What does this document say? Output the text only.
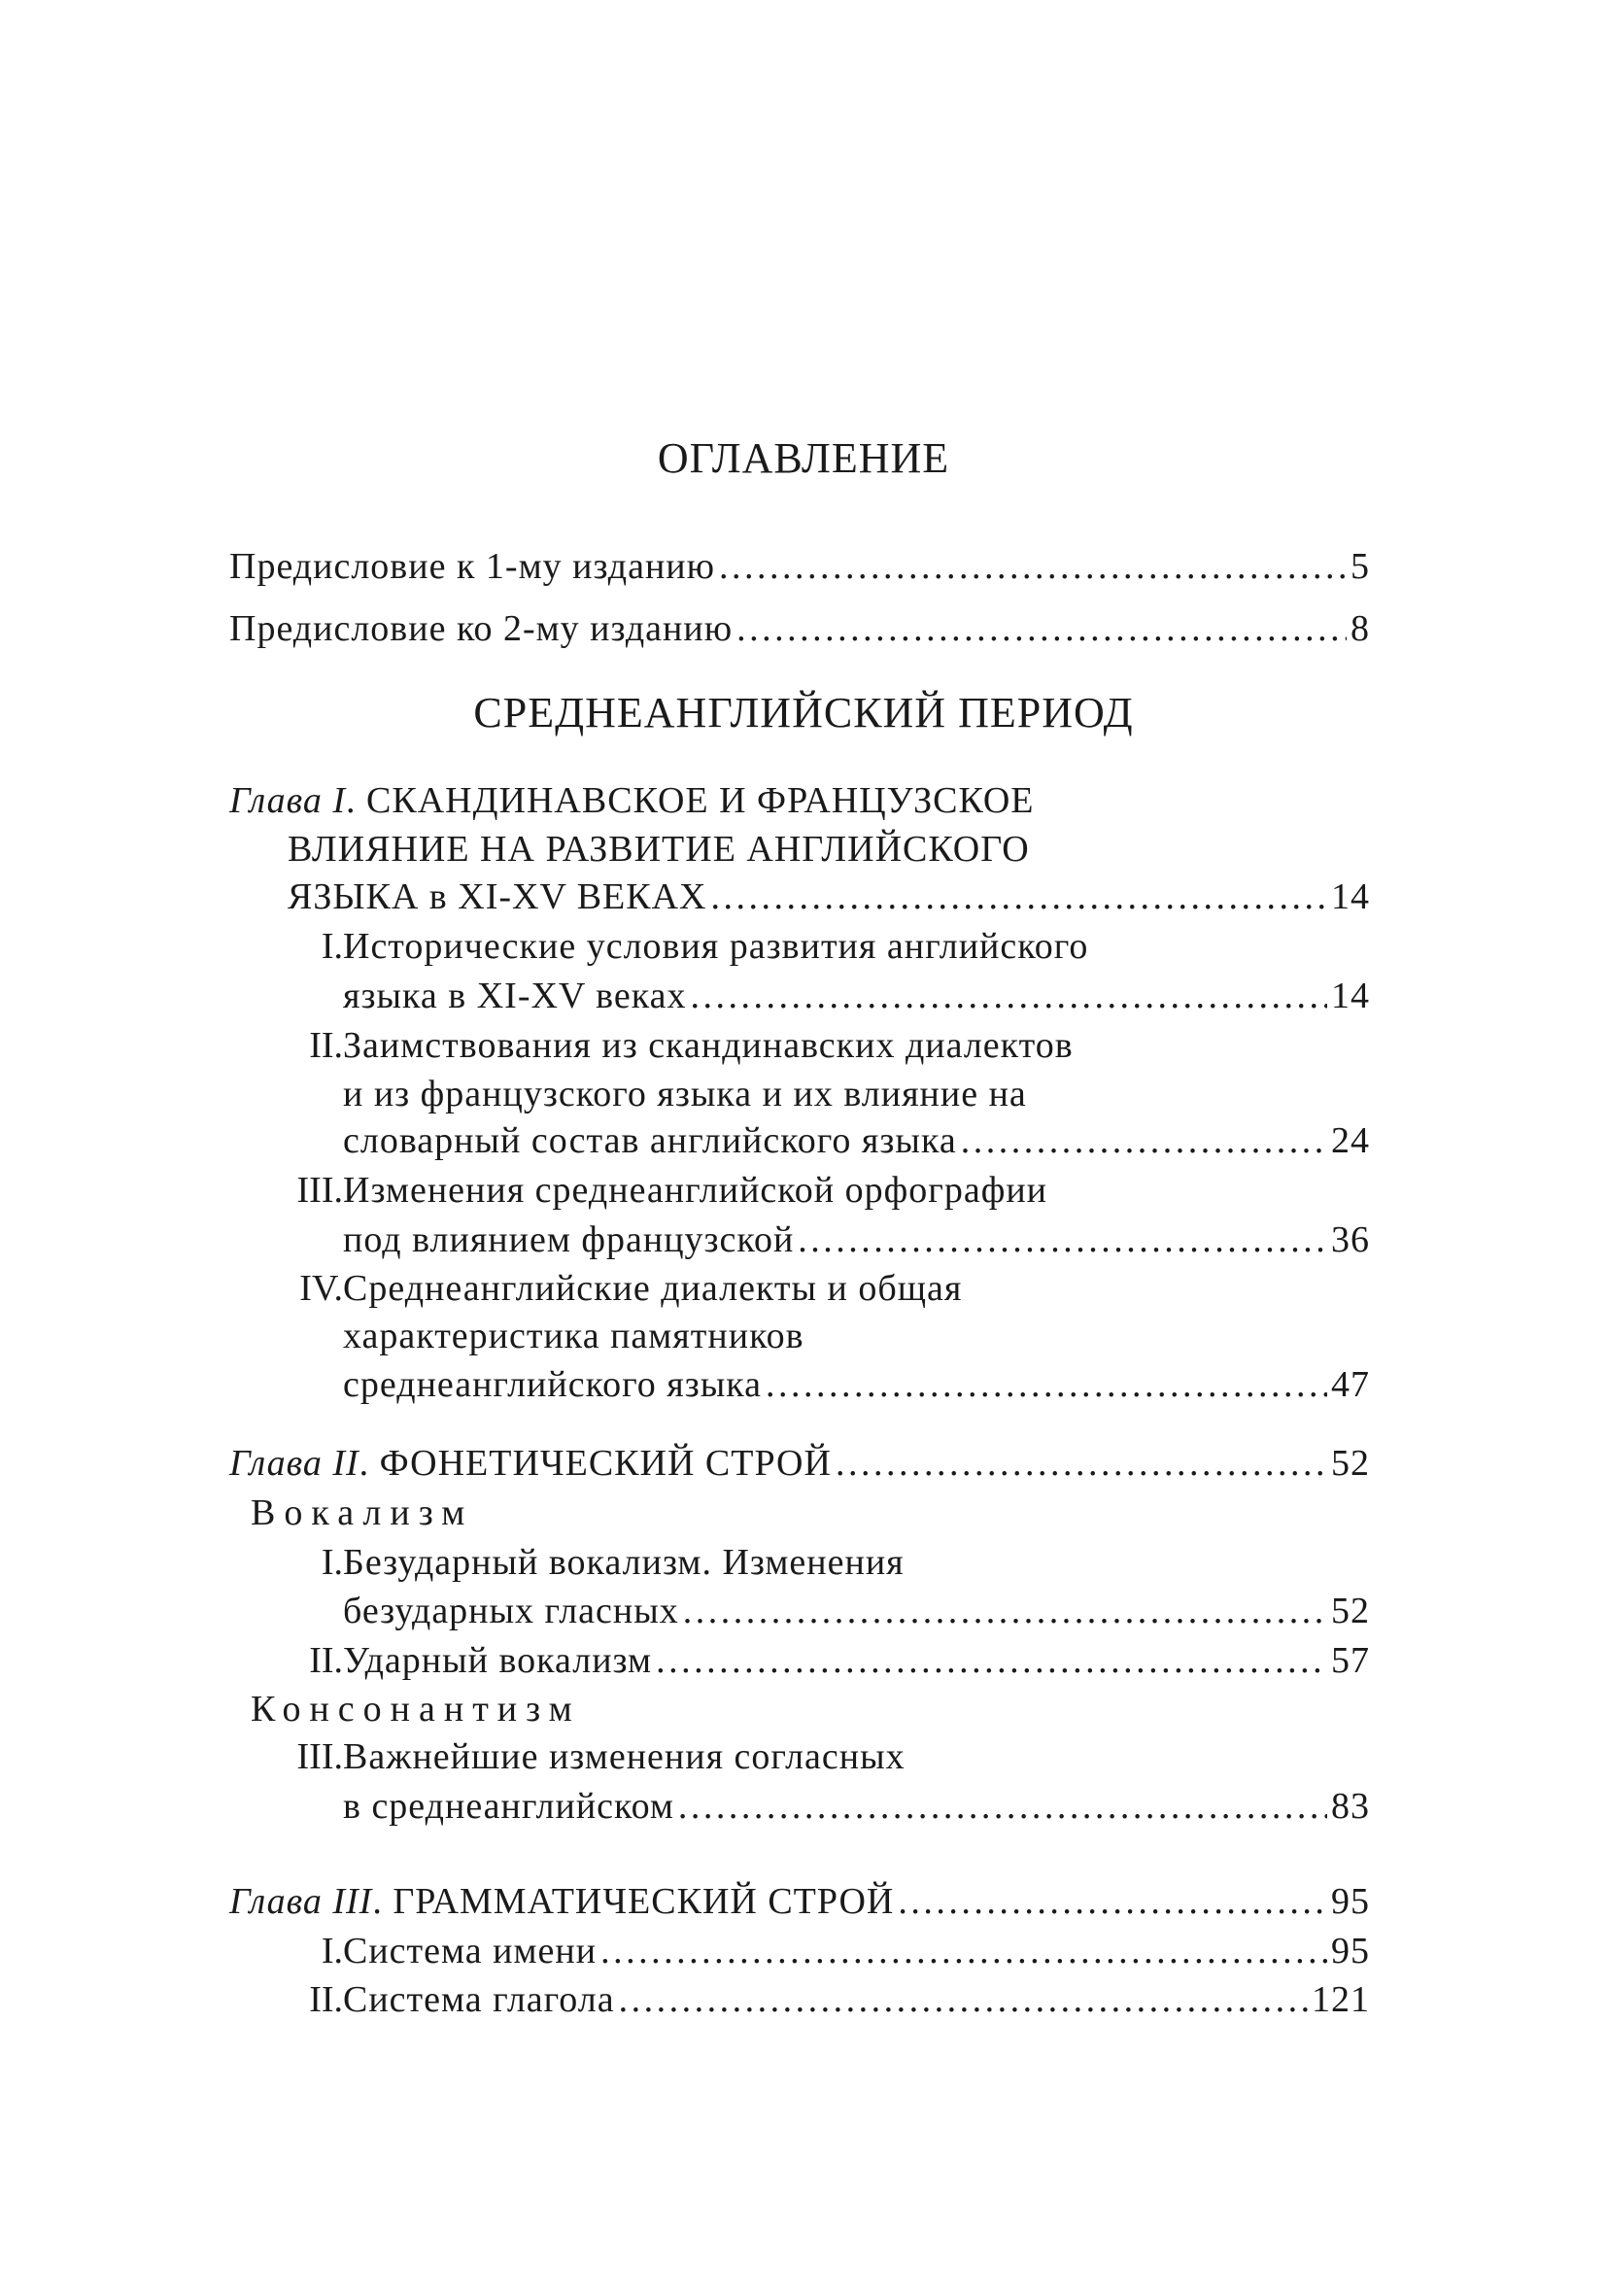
ОГЛАВЛЕНИЕ
Предисловие к 1-му изданию . . .	5
Предисловие ко 2-му изданию . . .	8
СРЕДНЕАНГЛИЙСКИЙ ПЕРИОД
Глава I. СКАНДИНАВСКОЕ И ФРАНЦУЗСКОЕ
ВЛИЯНИЕ НА РАЗВИТИЕ АНГЛИЙСКОГО
ЯЗЫКА в XI-XV ВЕКАХ . . .	14
I. Исторические условия развития английского
языка в XI-XV веках . . .	14
II. Заимствования из скандинавских диалектов
и из французского языка и их влияние на
словарный состав английского языка . . .	24
III. Изменения среднеанглийской орфографии
под влиянием французской . . .	36
IV. Среднеанглийские диалекты и общая
характеристика памятников
среднеанглийского языка . . .	47
Глава II. ФОНЕТИЧЕСКИЙ СТРОЙ . . .	52
Вокализм
I. Безударный вокализм. Изменения
безударных гласных . . .	52
II. Ударный вокализм . . .	57
Консонантизм
III. Важнейшие изменения согласных
в среднеанглийском . . .	83
Глава III. ГРАММАТИЧЕСКИЙ СТРОЙ . . .	95
I. Система имени . . .	95
II. Система глагола . . .	121
